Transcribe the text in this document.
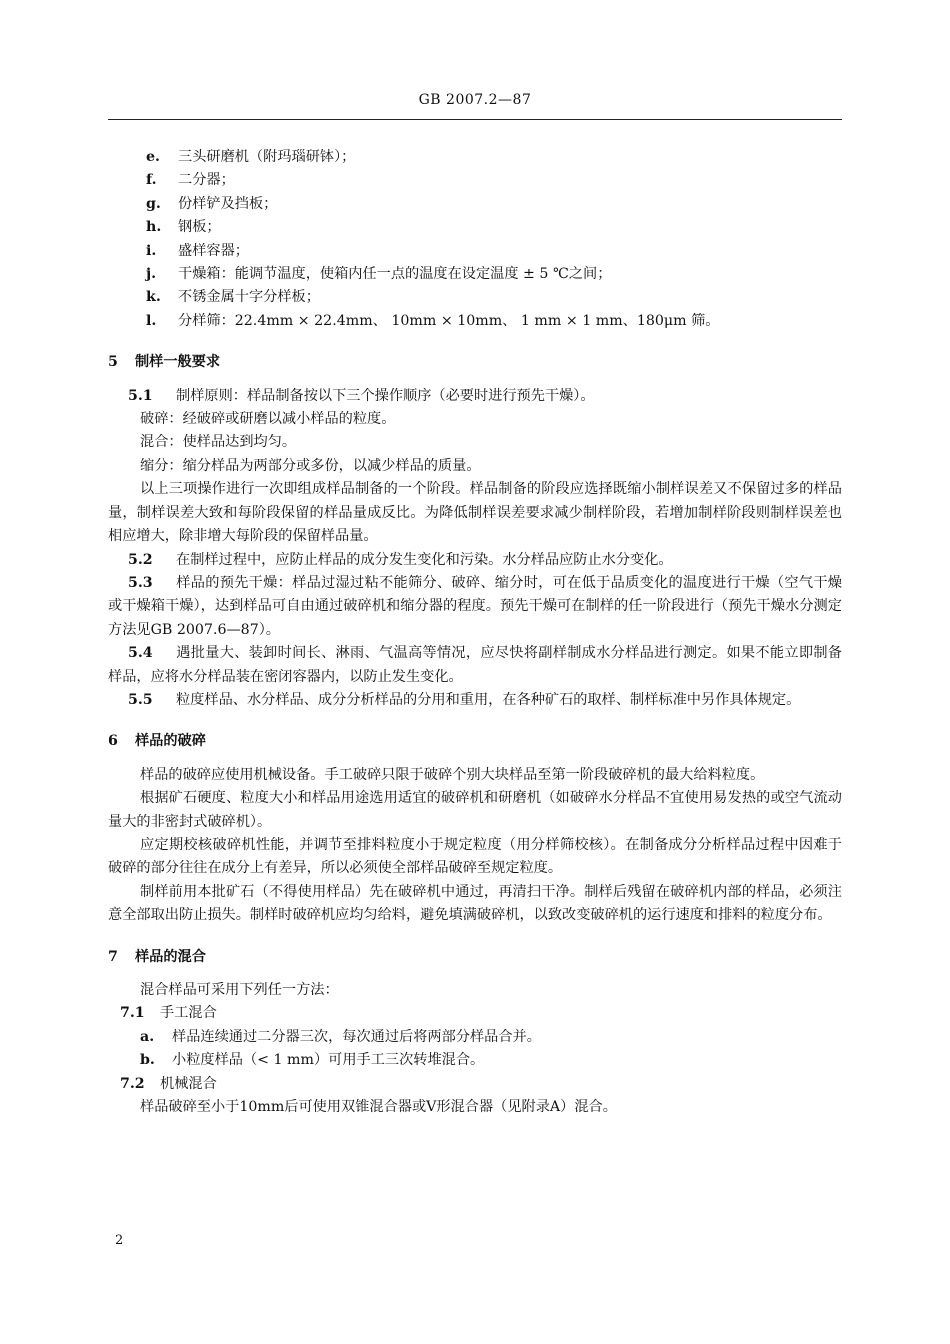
GB 2007.2—87
e. 三头研磨机（附玛瑙研钵）；
f. 二分器；
g. 份样铲及挡板；
h. 钢板；
i. 盛样容器；
j. 干燥箱：能调节温度，使箱内任一点的温度在设定温度 ± 5 ℃之间；
k. 不锈金属十字分样板；
l. 分样筛：22.4mm × 22.4mm、 10mm × 10mm、 1 mm × 1 mm、180μm 筛。
5 制样一般要求
5.1 制样原则：样品制备按以下三个操作顺序（必要时进行预先干燥）。
破碎：经破碎或研磨以减小样品的粒度。
混合：使样品达到均匀。
缩分：缩分样品为两部分或多份，以减少样品的质量。
以上三项操作进行一次即组成样品制备的一个阶段。样品制备的阶段应选择既缩小制样误差又不保留过多的样品量，制样误差大致和每阶段保留的样品量成反比。为降低制样误差要求减少制样阶段，若增加制样阶段则制样误差也相应增大，除非增大每阶段的保留样品量。
5.2 在制样过程中，应防止样品的成分发生变化和污染。水分样品应防止水分变化。
5.3 样品的预先干燥：样品过湿过粘不能筛分、破碎、缩分时，可在低于品质变化的温度进行干燥（空气干燥或干燥箱干燥），达到样品可自由通过破碎机和缩分器的程度。预先干燥可在制样的任一阶段进行（预先干燥水分测定方法见GB 2007.6—87）。
5.4 遇批量大、装卸时间长、淋雨、气温高等情况，应尽快将副样制成水分样品进行测定。如果不能立即制备样品，应将水分样品装在密闭容器内，以防止发生变化。
5.5 粒度样品、水分样品、成分分析样品的分用和重用，在各种矿石的取样、制样标准中另作具体规定。
6 样品的破碎
样品的破碎应使用机械设备。手工破碎只限于破碎个别大块样品至第一阶段破碎机的最大给料粒度。
根据矿石硬度、粒度大小和样品用途选用适宜的破碎机和研磨机（如破碎水分样品不宜使用易发热的或空气流动量大的非密封式破碎机）。
应定期校核破碎机性能，并调节至排料粒度小于规定粒度（用分样筛校核）。在制备成分分析样品过程中因难于破碎的部分往往在成分上有差异，所以必须使全部样品破碎至规定粒度。
制样前用本批矿石（不得使用样品）先在破碎机中通过，再清扫干净。制样后残留在破碎机内部的样品，必须注意全部取出防止损失。制样时破碎机应均匀给料，避免填满破碎机，以致改变破碎机的运行速度和排料的粒度分布。
7 样品的混合
混合样品可采用下列任一方法：
7.1 手工混合
a. 样品连续通过二分器三次，每次通过后将两部分样品合并。
b. 小粒度样品（< 1 mm）可用手工三次转堆混合。
7.2 机械混合
样品破碎至小于10mm后可使用双锥混合器或V形混合器（见附录A）混合。
2
